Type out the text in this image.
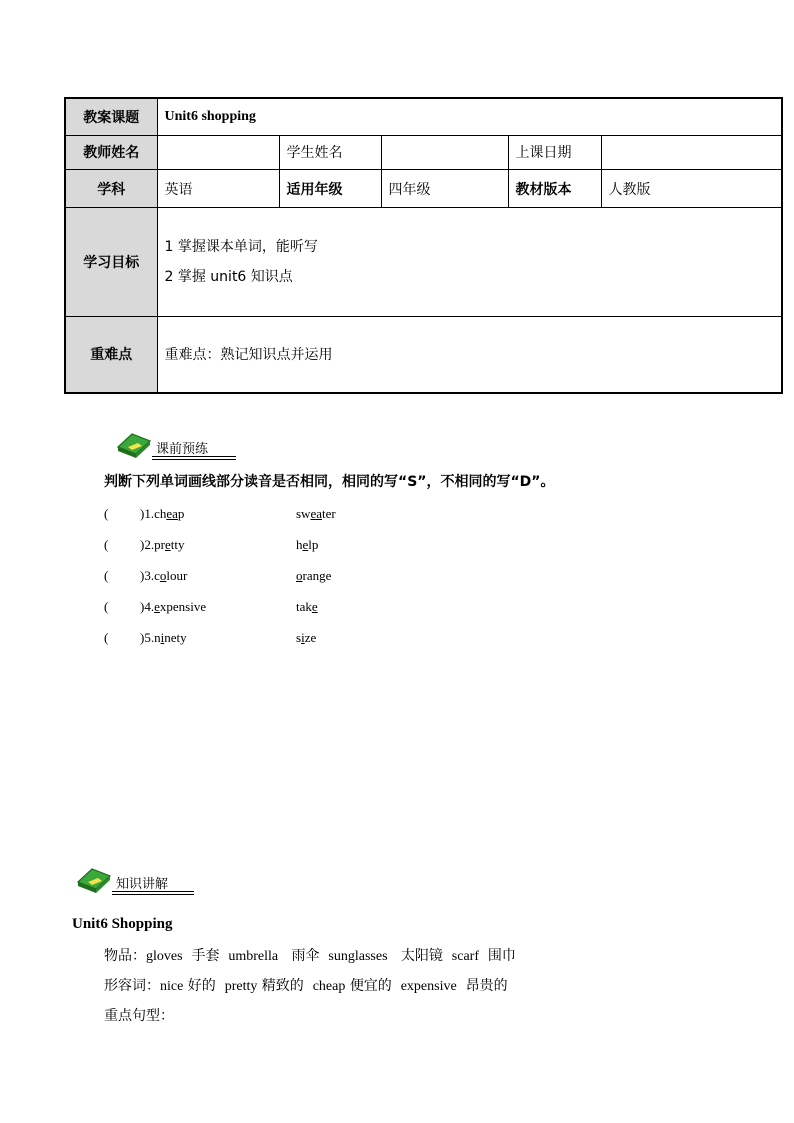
教案课题	Unit6 shopping				
教师姓名		学生姓名		上课日期	
学科	英语	适用年级	四年级	教材版本	人教版
学习目标	1 掌握课本单词，能听写
2 掌握 unit6 知识点				

重难点	重难点：熟记知识点并运用				
课前预练
判断下列单词画线部分读音是否相同，相同的写“S”，不相同的写“D”。
( )1.cheap	sweater
( )2.pretty	help
( )3.colour	orange
( )4.expensive	take
( )5.ninety	size
知识讲解
Unit6 Shopping
物品：gloves 手套 umbrella 雨伞 sunglasses 太阳镜 scarf 围巾
形容词：nice 好的 pretty 精致的 cheap 便宜的 expensive 昂贵的
重点句型：
